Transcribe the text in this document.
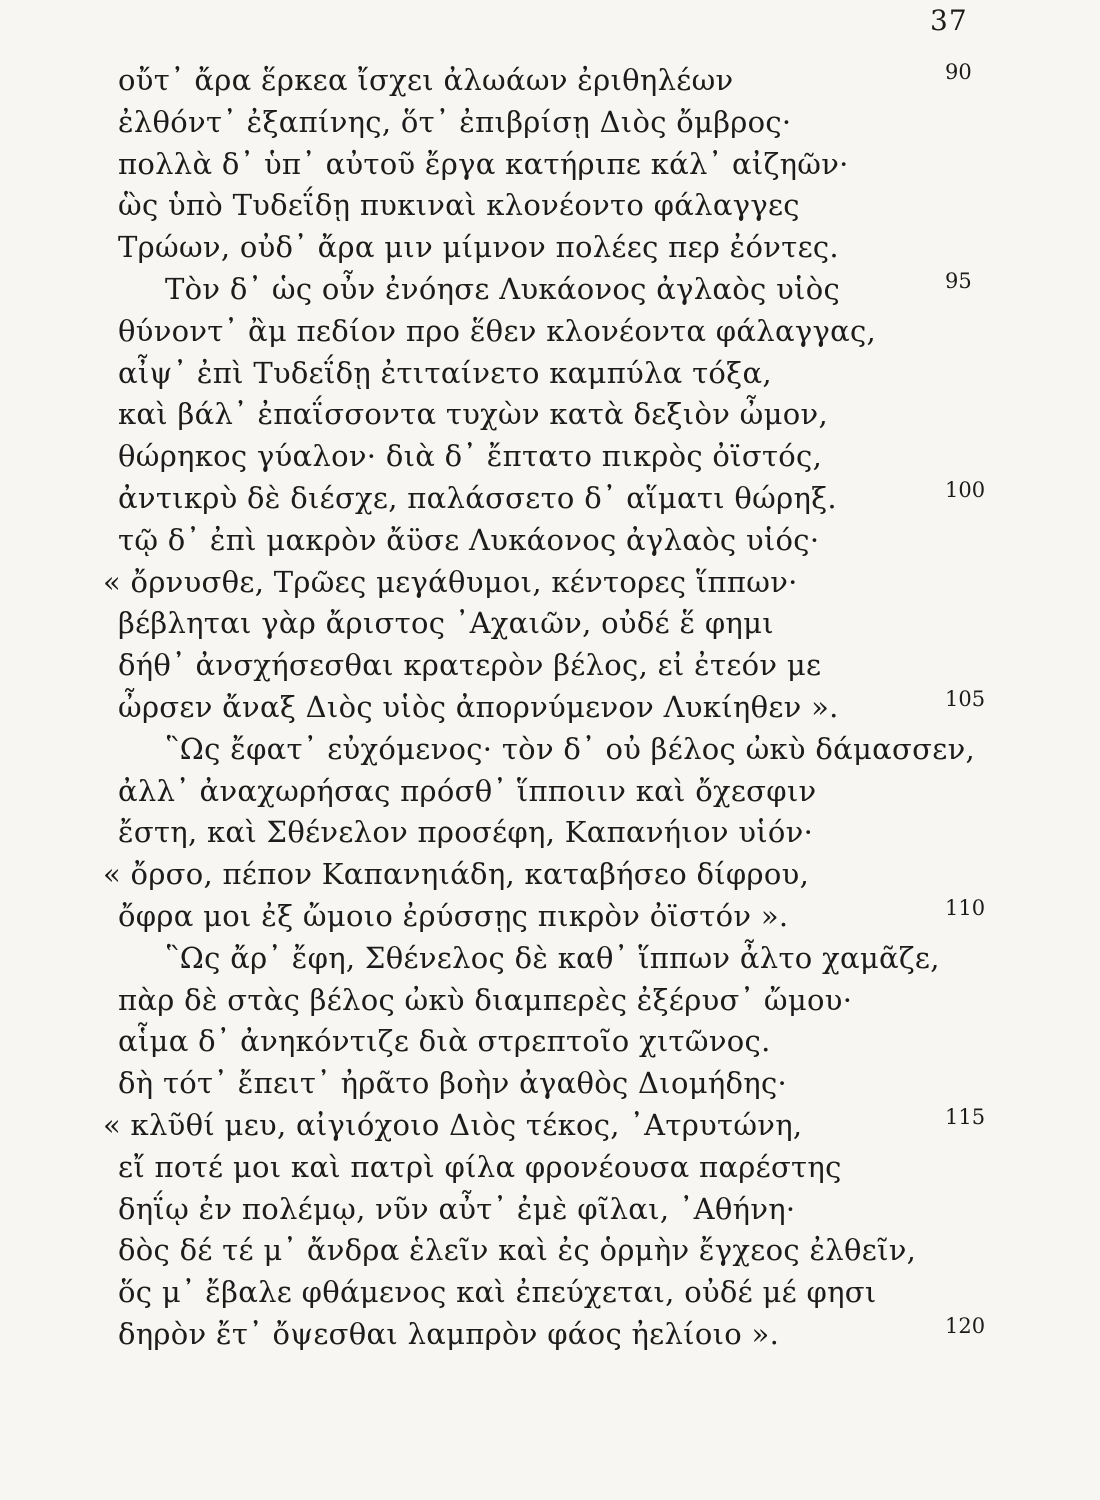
37
οὔτ᾽ ἄρα ἕρκεα ἴσχει ἀλωάων ἐριθηλέων	90
ἐλθόντ᾽ ἐξαπίνης, ὅτ᾽ ἐπιβρίσῃ Διὸς ὄμβρος·
πολλὰ δ᾽ ὑπ᾽ αὐτοῦ ἔργα κατήριπε κάλ᾽ αἰζηῶν·
ὣς ὑπὸ Τυδεΐδῃ πυκιναὶ κλονέοντο φάλαγγες
Τρώων, οὐδ᾽ ἄρα μιν μίμνον πολέες περ ἐόντες.
Τὸν δ᾽ ὡς οὖν ἐνόησε Λυκάονος ἀγλαὸς υἱὸς	95
θύνοντ᾽ ἂμ πεδίον προ ἕθεν κλονέοντα φάλαγγας,
αἶψ᾽ ἐπὶ Τυδεΐδῃ ἐτιταίνετο καμπύλα τόξα,
καὶ βάλ᾽ ἐπαΐσσοντα τυχὼν κατὰ δεξιὸν ὦμον,
θώρηκος γύαλον· διὰ δ᾽ ἔπτατο πικρὸς ὀϊστός,
ἀντικρὺ δὲ διέσχε, παλάσσετο δ᾽ αἵματι θώρηξ.	100
τῷ δ᾽ ἐπὶ μακρὸν ἄϋσε Λυκάονος ἀγλαὸς υἱός·
« ὄρνυσθε, Τρῶες μεγάθυμοι, κέντορες ἵππων·
βέβληται γὰρ ἄριστος ᾽Αχαιῶν, οὐδέ ἕ φημι
δήθ᾽ ἀνσχήσεσθαι κρατερὸν βέλος, εἰ ἐτεόν με
ὦρσεν ἄναξ Διὸς υἱὸς ἀπορνύμενον Λυκίηθεν ».	105
῝Ως ἔφατ᾽ εὐχόμενος· τὸν δ᾽ οὐ βέλος ὠκὺ δάμασσεν,
ἀλλ᾽ ἀναχωρήσας πρόσθ᾽ ἵπποιιν καὶ ὄχεσφιν
ἔστη, καὶ Σθένελον προσέφη, Καπανήιον υἱόν·
« ὄρσο, πέπον Καπανηιάδη, καταβήσεο δίφρου,
ὄφρα μοι ἐξ ὤμοιο ἐρύσσῃς πικρὸν ὀϊστόν ».	110
῝Ως ἄρ᾽ ἔφη, Σθένελος δὲ καθ᾽ ἵππων ἆλτο χαμᾶζε,
πὰρ δὲ στὰς βέλος ὠκὺ διαμπερὲς ἐξέρυσ᾽ ὤμου·
αἷμα δ᾽ ἀνηκόντιζε διὰ στρεπτοῖο χιτῶνος.
δὴ τότ᾽ ἔπειτ᾽ ἠρᾶτο βοὴν ἀγαθὸς Διομήδης·
« κλῦθί μευ, αἰγιόχοιο Διὸς τέκος, ᾽Ατρυτώνη,	115
εἴ ποτέ μοι καὶ πατρὶ φίλα φρονέουσα παρέστης
δηΐῳ ἐν πολέμῳ, νῦν αὖτ᾽ ἐμὲ φῖλαι, ᾽Αθήνη·
δὸς δέ τέ μ᾽ ἄνδρα ἑλεῖν καὶ ἐς ὁρμὴν ἔγχεος ἐλθεῖν,
ὅς μ᾽ ἔβαλε φθάμενος καὶ ἐπεύχεται, οὐδέ μέ φησι
δηρὸν ἔτ᾽ ὄψεσθαι λαμπρὸν φάος ἠελίοιο ».	120
